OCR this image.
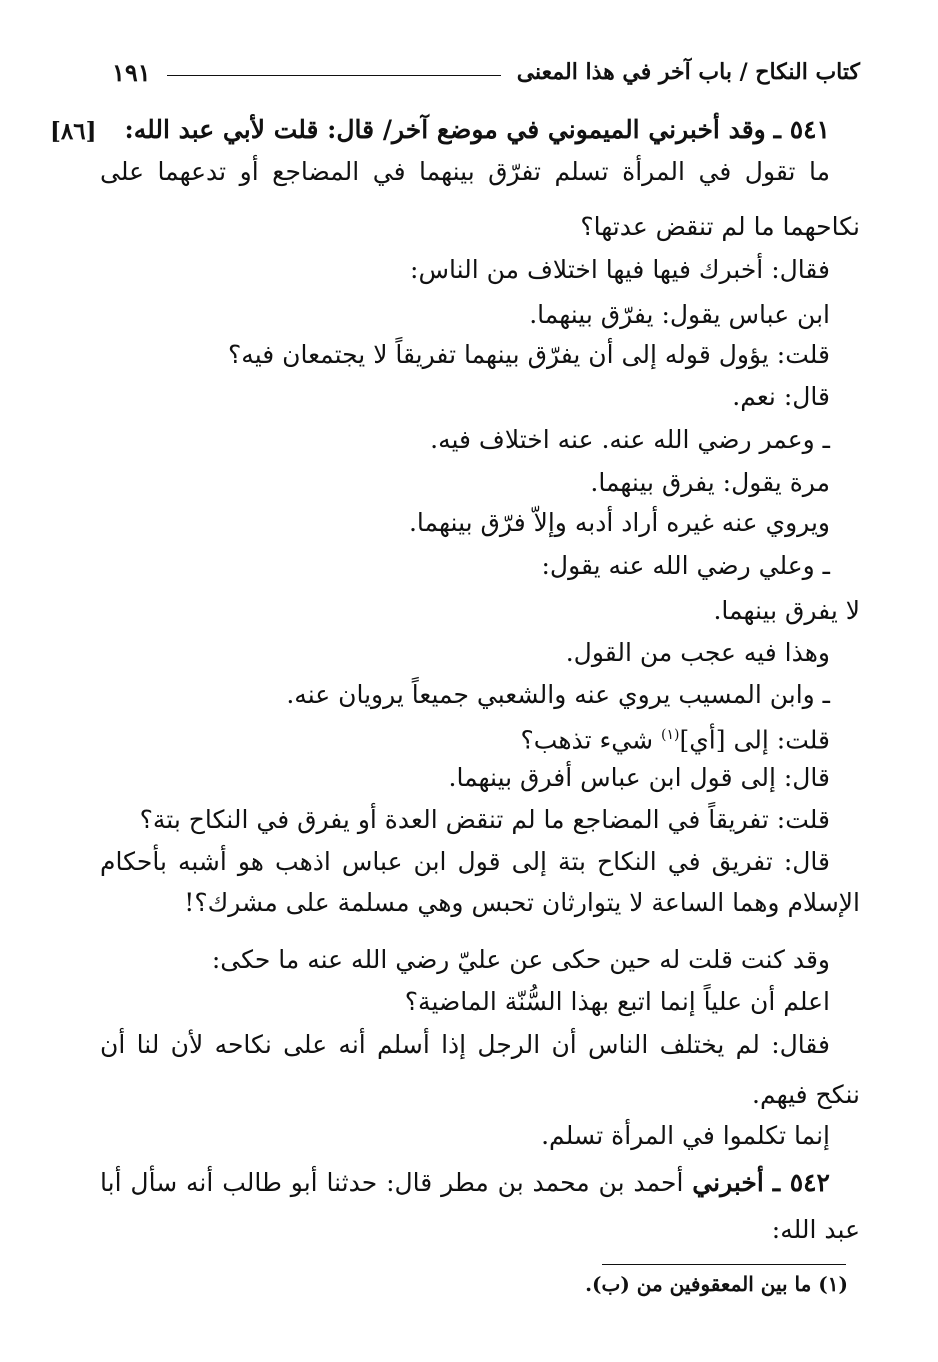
كتاب النكاح / باب آخر في هذا المعنى
١٩١
[٨٦]	٥٤١ ـ وقد أخبرني الميموني في موضع آخر/ قال: قلت لأبي عبد الله:
ما تقول في المرأة تسلم تفرّق بينهما في المضاجع أو تدعهما على
نكاحهما ما لم تنقض عدتها؟
فقال: أخبرك فيها فيها اختلاف من الناس:
ابن عباس يقول: يفرّق بينهما.
قلت: يؤول قوله إلى أن يفرّق بينهما تفريقاً لا يجتمعان فيه؟
قال: نعم.
ـ وعمر رضي الله عنه. عنه اختلاف فيه.
مرة يقول: يفرق بينهما.
ويروي عنه غيره أراد أدبه وإلاّ فرّق بينهما.
ـ وعلي رضي الله عنه يقول:
لا يفرق بينهما.
وهذا فيه عجب من القول.
ـ وابن المسيب يروي عنه والشعبي جميعاً يرويان عنه.
قلت: إلى [أي]$^{(١)}$ شيء تذهب؟
قال: إلى قول ابن عباس أفرق بينهما.
قلت: تفريقاً في المضاجع ما لم تنقض العدة أو يفرق في النكاح بتة؟
قال: تفريق في النكاح بتة إلى قول ابن عباس اذهب هو أشبه بأحكام
الإسلام وهما الساعة لا يتوارثان تحبس وهي مسلمة على مشرك؟!
وقد كنت قلت له حين حكى عن عليّ رضي الله عنه ما حكى:
اعلم أن علياً إنما اتبع بهذا السُّنّة الماضية؟
فقال: لم يختلف الناس أن الرجل إذا أسلم أنه على نكاحه لأن لنا أن
ننكح فيهم.
إنما تكلموا في المرأة تسلم.
٥٤٢ ـ أخبرني أحمد بن محمد بن مطر قال: حدثنا أبو طالب أنه سأل أبا
عبد الله:
(١) ما بين المعقوفين من (ب).
